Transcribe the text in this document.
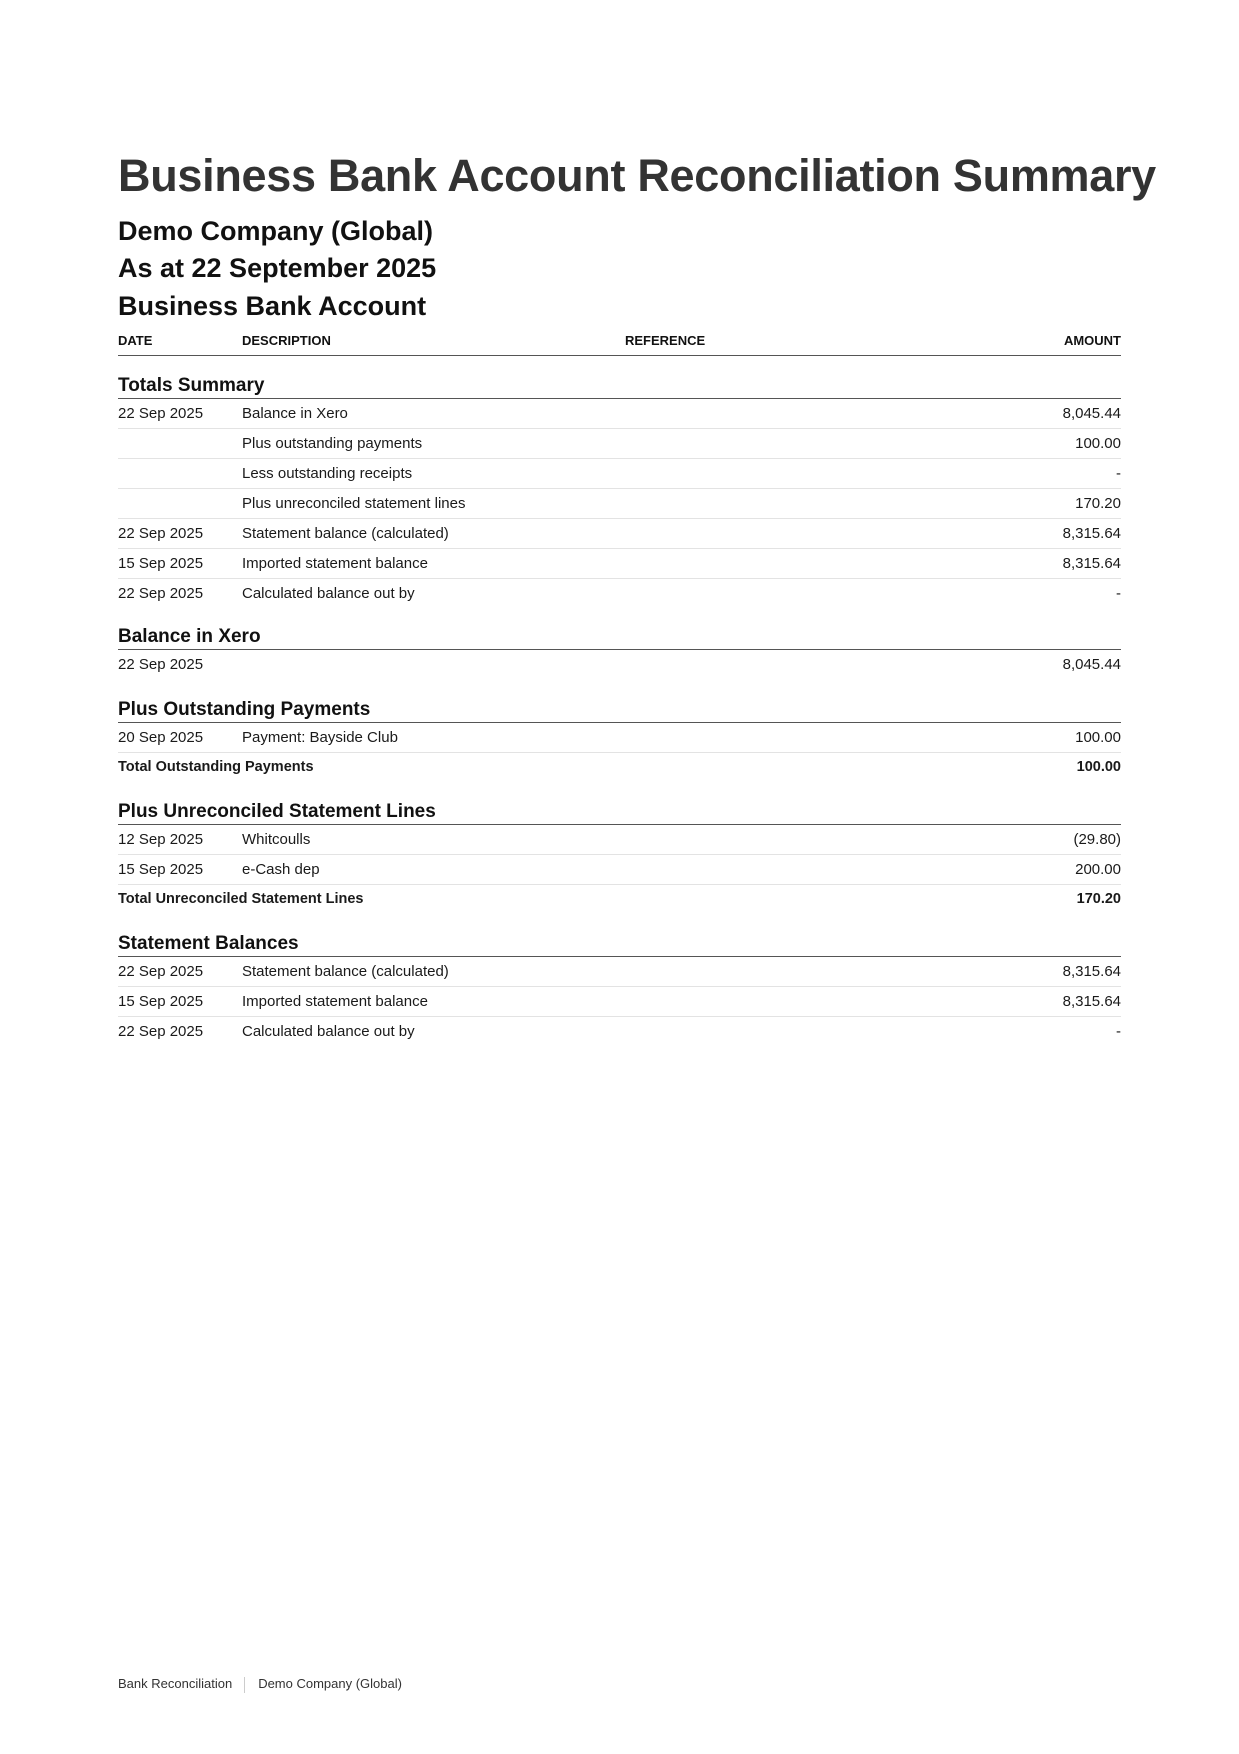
Business Bank Account Reconciliation Summary
Demo Company (Global)
As at 22 September 2025
Business Bank Account
DATE	DESCRIPTION	REFERENCE	AMOUNT
Totals Summary
22 Sep 2025	Balance in Xero	8,045.44
Plus outstanding payments	100.00
Less outstanding receipts	-
Plus unreconciled statement lines	170.20
22 Sep 2025	Statement balance (calculated)	8,315.64
15 Sep 2025	Imported statement balance	8,315.64
22 Sep 2025	Calculated balance out by	-
Balance in Xero
22 Sep 2025	8,045.44
Plus Outstanding Payments
20 Sep 2025	Payment: Bayside Club	100.00
Total Outstanding Payments	100.00
Plus Unreconciled Statement Lines
12 Sep 2025	Whitcoulls	(29.80)
15 Sep 2025	e-Cash dep	200.00
Total Unreconciled Statement Lines	170.20
Statement Balances
22 Sep 2025	Statement balance (calculated)	8,315.64
15 Sep 2025	Imported statement balance	8,315.64
22 Sep 2025	Calculated balance out by	-
Bank Reconciliation Demo Company (Global)
